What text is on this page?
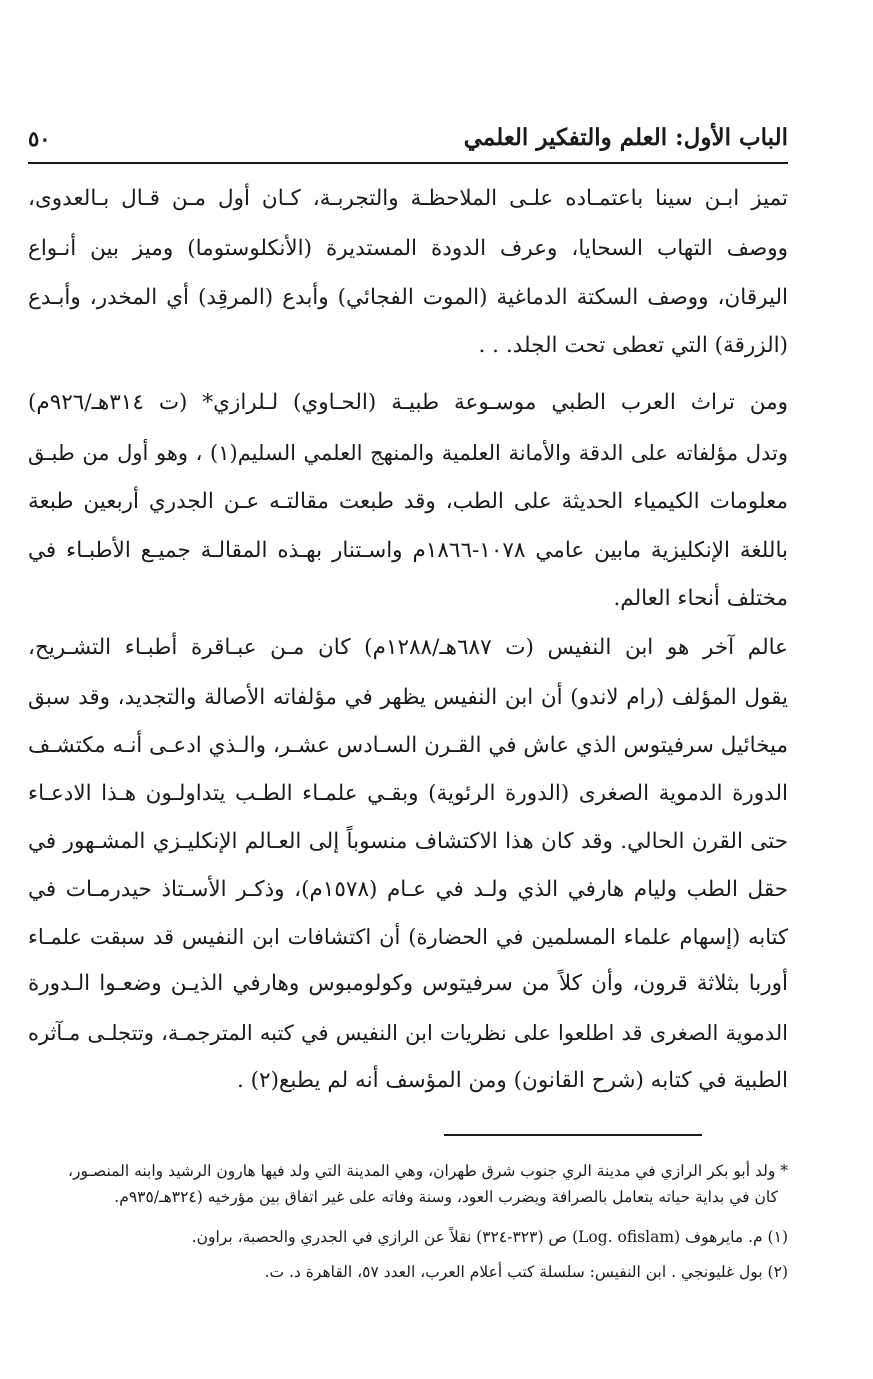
الباب الأول: العلم والتفكير العلمي
٥٠
تميز ابـن سينا باعتمـاده علـى الملاحظـة والتجربـة، كـان أول مـن قـال بـالعدوى،
ووصف التهاب السحايا، وعرف الدودة المستديرة (الأنكلوستوما) وميز بين أنـواع
اليرقان، ووصف السكتة الدماغية (الموت الفجائي) وأبدع (المرقِد) أي المخدر، وأبـدع
(الزرقة) التي تعطى تحت الجلد. . .
ومن تراث العرب الطبي موسـوعة طبيـة (الحـاوي) لـلرازي* (ت ٣١٤هـ/٩٢٦م)
وتدل مؤلفاته على الدقة والأمانة العلمية والمنهج العلمي السليم(١) ، وهو أول من طبـق
معلومات الكيمياء الحديثة على الطب، وقد طبعت مقالتـه عـن الجدري أربعين طبعة
باللغة الإنكليزية مابين عامي ١٠٧٨-١٨٦٦م واسـتنار بهـذه المقالـة جميـع الأطبـاء في
مختلف أنحاء العالم.
عالم آخر هو ابن النفيس (ت ٦٨٧هـ/١٢٨٨م) كان مـن عبـاقرة أطبـاء التشـريح،
يقول المؤلف (رام لاندو) أن ابن النفيس يظهر في مؤلفاته الأصالة والتجديد، وقد سبق
ميخائيل سرفيتوس الذي عاش في القـرن السـادس عشـر، والـذي ادعـى أنـه مكتشـف
الدورة الدموية الصغرى (الدورة الرئوية) وبقـي علمـاء الطـب يتداولـون هـذا الادعـاء
حتى القرن الحالي. وقد كان هذا الاكتشاف منسوباً إلى العـالم الإنكليـزي المشـهور في
حقل الطب وليام هارفي الذي ولـد في عـام (١٥٧٨م)، وذكـر الأسـتاذ حيدرمـات في
كتابه (إسهام علماء المسلمين في الحضارة) أن اكتشافات ابن النفيس قد سبقت علمـاء
أوربا بثلاثة قرون، وأن كلاً من سرفيتوس وكولومبوس وهارفي الذيـن وضعـوا الـدورة
الدموية الصغرى قد اطلعوا على نظريات ابن النفيس في كتبه المترجمـة، وتتجلـى مـآثره
الطبية في كتابه (شرح القانون) ومن المؤسف أنه لم يطبع(٢) .
* ولد أبو بكر الرازي في مدينة الري جنوب شرق طهران، وهي المدينة التي ولد فيها هارون الرشيد وابنه المنصـور،
كان في بداية حياته يتعامل بالصرافة ويضرب العود، وسنة وفاته على غير اتفاق بين مؤرخيه (٣٢٤هـ/٩٣٥م.
(١) م. مايرهوف (Log. ofislam) ص (٣٢٣-٣٢٤) نقلاً عن الرازي في الجدري والحصبة، براون.
(٢) بول غليونجي . ابن النفيس: سلسلة كتب أعلام العرب، العدد ٥٧، القاهرة د. ت.
